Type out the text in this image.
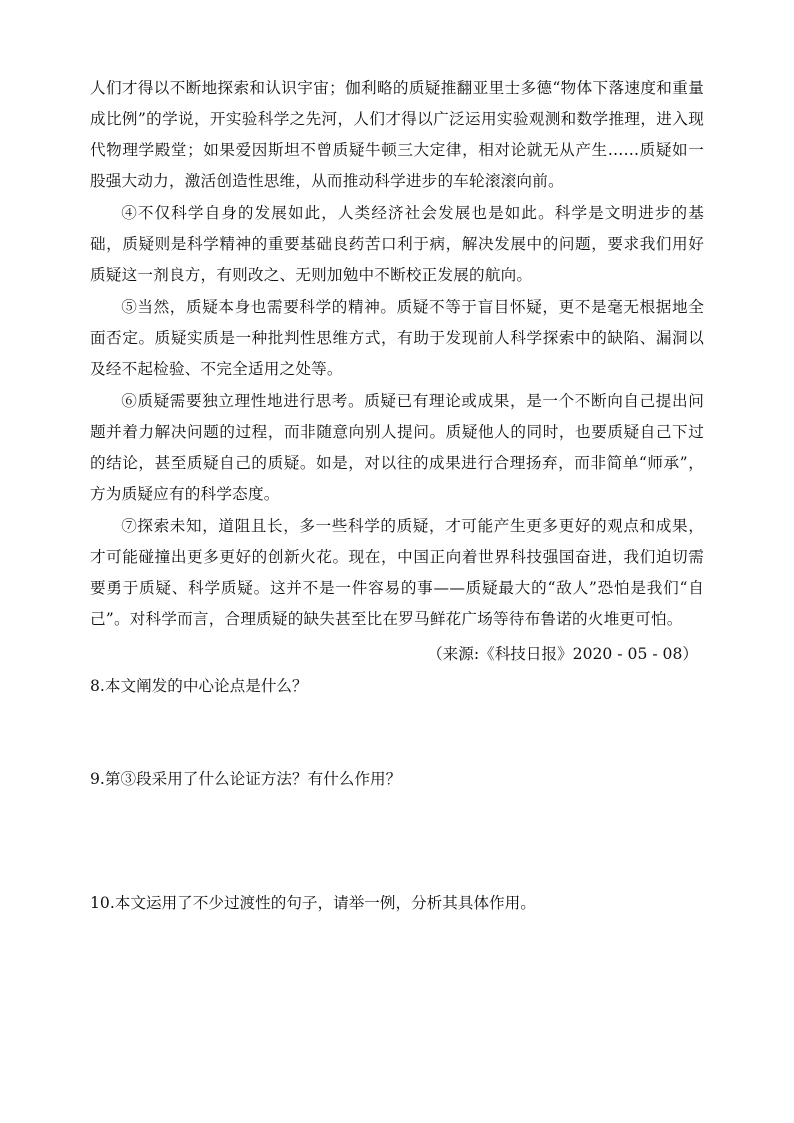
人们才得以不断地探索和认识宇宙；伽利略的质疑推翻亚里士多德“物体下落速度和重量成比例”的学说，开实验科学之先河，人们才得以广泛运用实验观测和数学推理，进入现代物理学殿堂；如果爱因斯坦不曾质疑牛顿三大定律，相对论就无从产生……质疑如一股强大动力，激活创造性思维，从而推动科学进步的车轮滚滚向前。

④不仅科学自身的发展如此，人类经济社会发展也是如此。科学是文明进步的基础，质疑则是科学精神的重要基础良药苦口利于病，解决发展中的问题，要求我们用好质疑这一剂良方，有则改之、无则加勉中不断校正发展的航向。

⑤当然，质疑本身也需要科学的精神。质疑不等于盲目怀疑，更不是毫无根据地全面否定。质疑实质是一种批判性思维方式，有助于发现前人科学探索中的缺陷、漏洞以及经不起检验、不完全适用之处等。

⑥质疑需要独立理性地进行思考。质疑已有理论或成果，是一个不断向自己提出问题并着力解决问题的过程，而非随意向别人提问。质疑他人的同时，也要质疑自己下过的结论，甚至质疑自己的质疑。如是，对以往的成果进行合理扬弃，而非简单“师承”，方为质疑应有的科学态度。

⑦探索未知，道阻且长，多一些科学的质疑，才可能产生更多更好的观点和成果，才可能碰撞出更多更好的创新火花。现在，中国正向着世界科技强国奋进，我们迫切需要勇于质疑、科学质疑。这并不是一件容易的事——质疑最大的“敌人”恐怕是我们“自己”。对科学而言，合理质疑的缺失甚至比在罗马鲜花广场等待布鲁诺的火堆更可怕。

（来源:《科技日报》2020 - 05 - 08）

8.本文阐发的中心论点是什么？

9.第③段采用了什么论证方法？有什么作用？

10.本文运用了不少过渡性的句子，请举一例，分析其具体作用。
